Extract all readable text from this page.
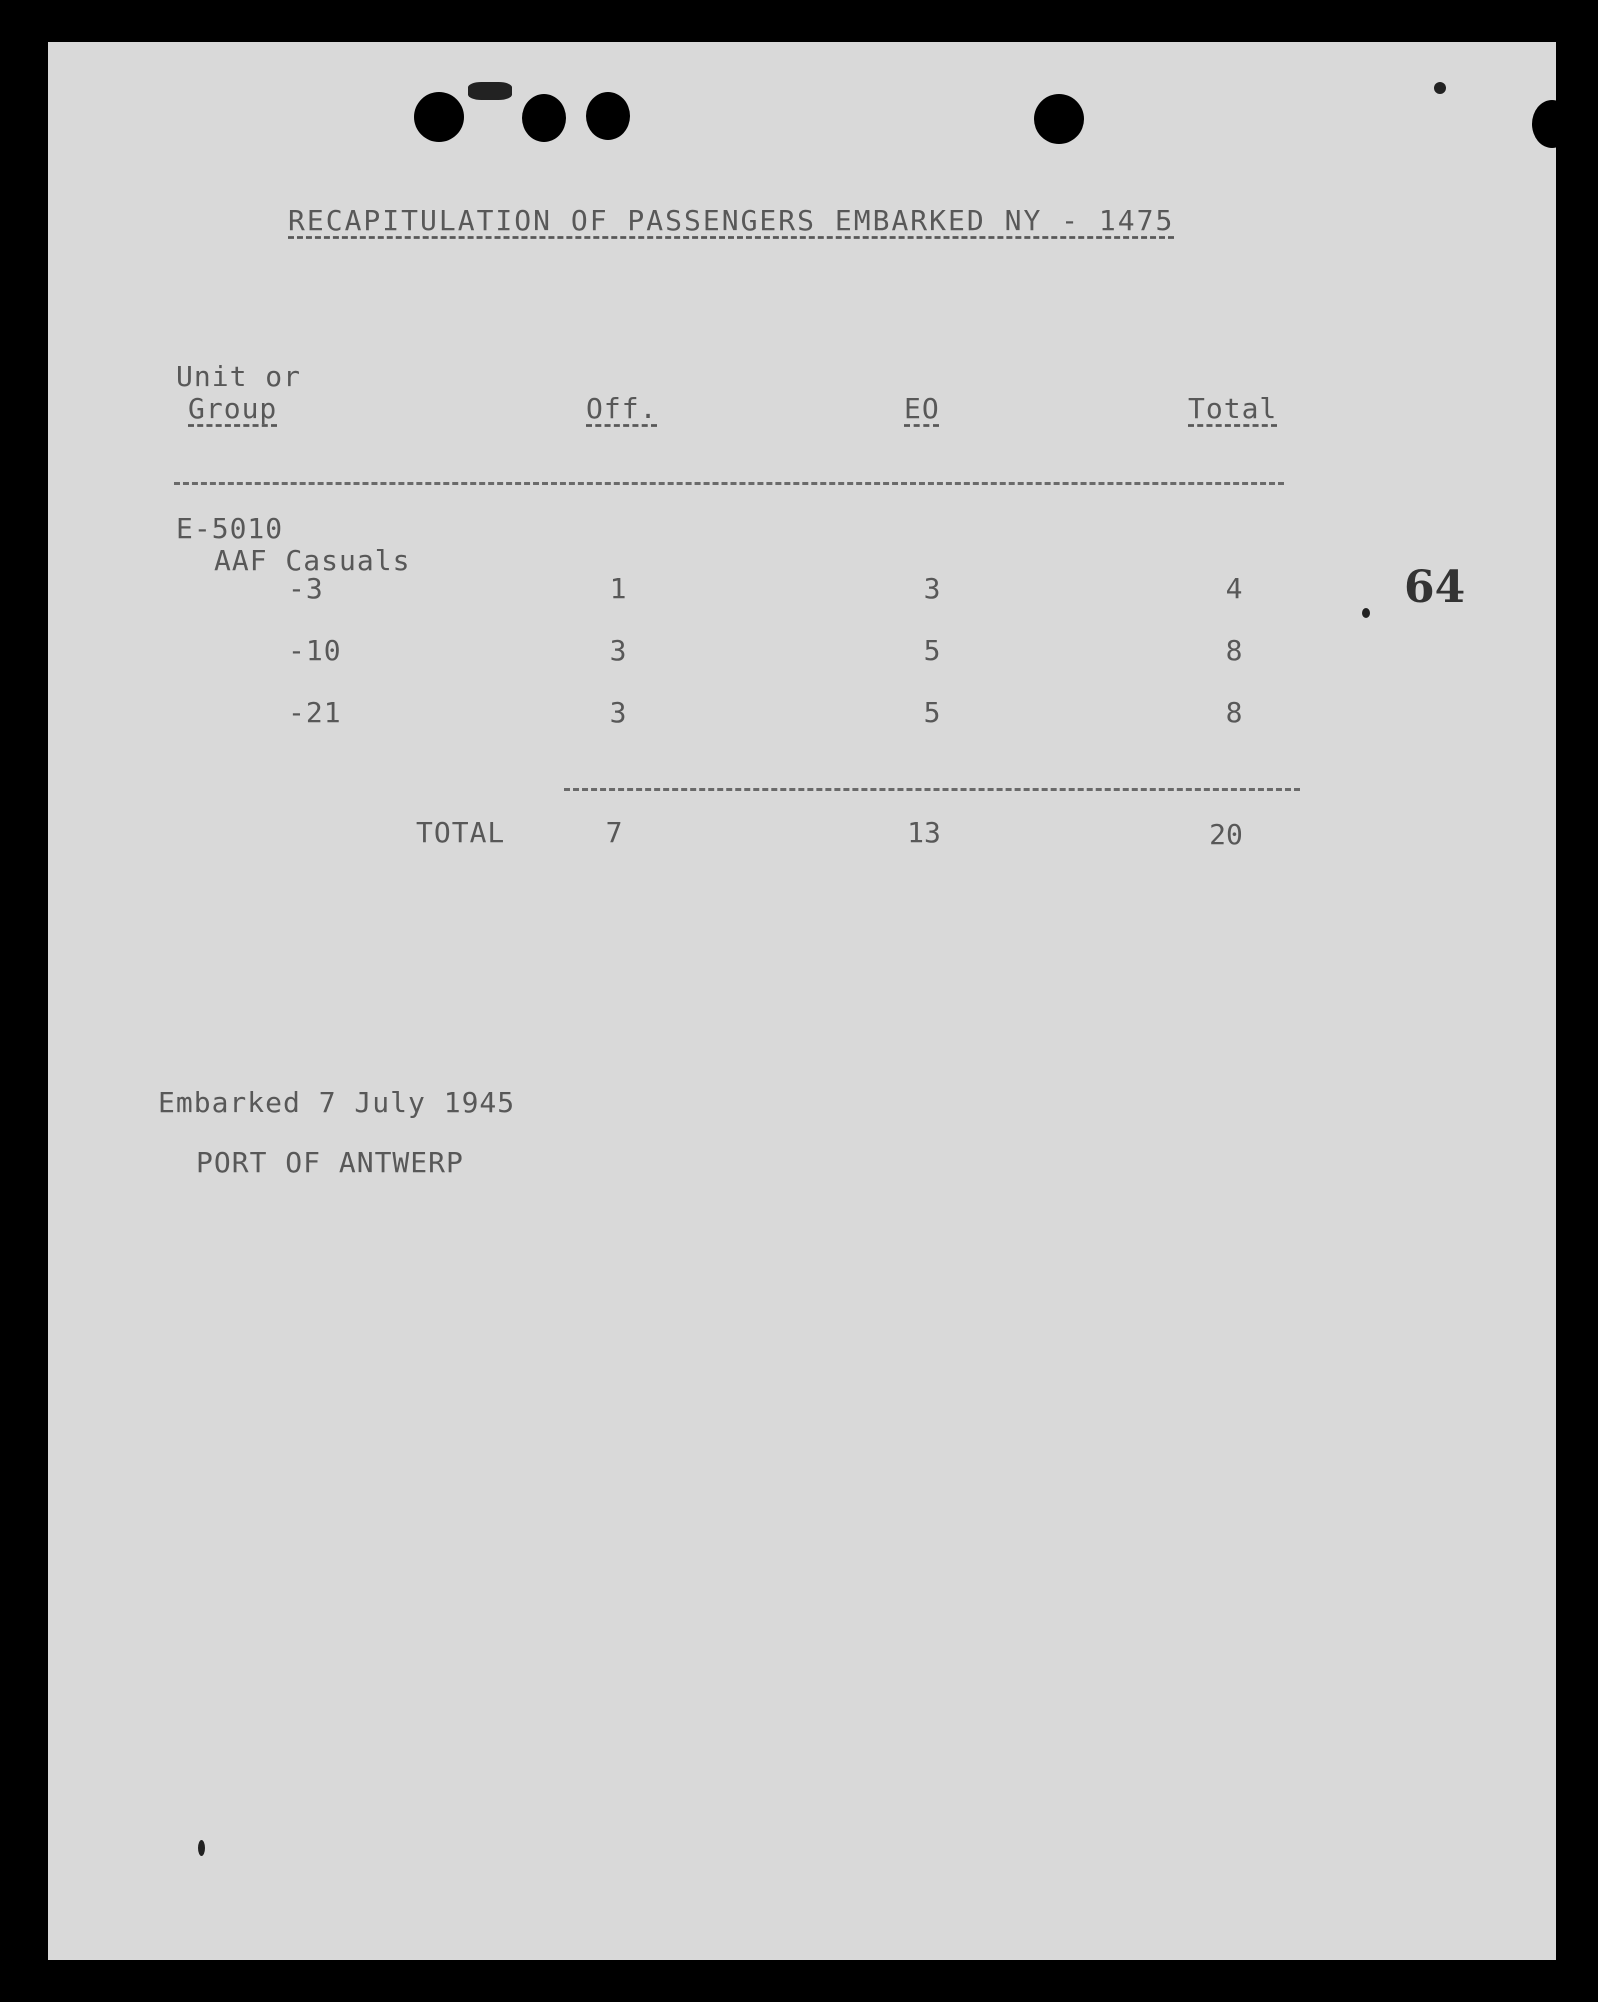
RECAPITULATION OF PASSENGERS EMBARKED NY - 1475
Unit or
Group	Off.	EO	Total
E-5010
AAF Casuals
-3	1	3	4
-10	3	5	8
-21	3	5	8
TOTAL	7	13	20
64
Embarked 7 July 1945
PORT OF ANTWERP
